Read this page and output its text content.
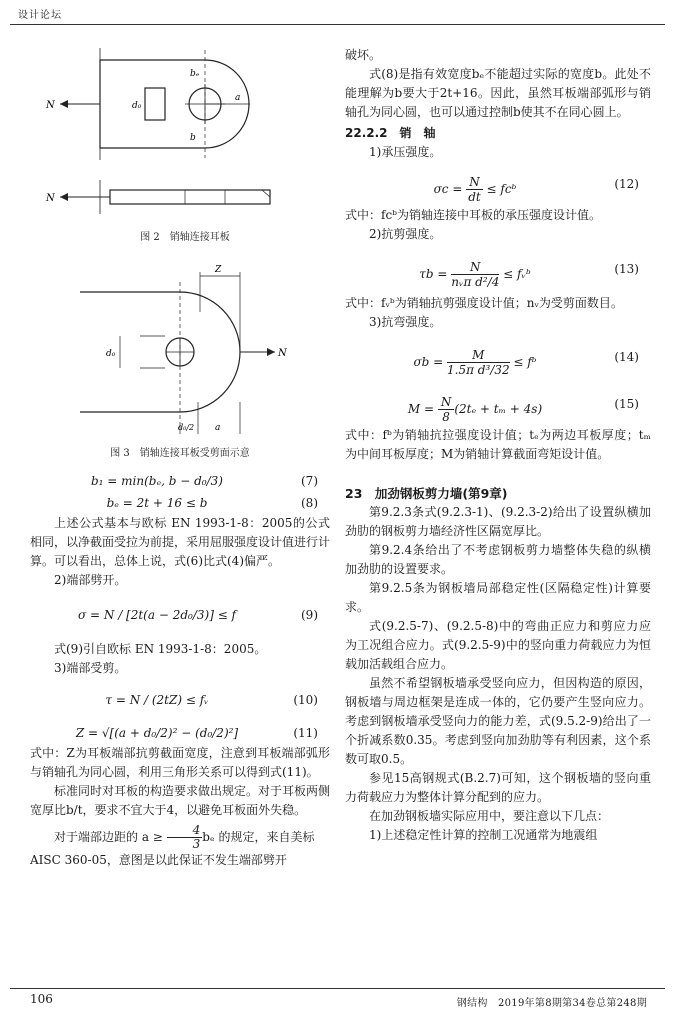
设计论坛
106	钢结构　2019年第8期第34卷总第248期
N
N
d₀
bₑ
b
a
图 2　销轴连接耳板
N
d₀
Z
d₀/2 a
图 3　销轴连接耳板受剪面示意
b₁ = min(bₑ, b − d₀/3)	(7)
bₑ = 2t + 16 ≤ b	(8)

上述公式基本与欧标 EN 1993-1-8：2005的公式相同，以净截面受拉为前提，采用屈服强度设计值进行计算。可以看出，总体上说，式(6)比式(4)偏严。

2)端部劈开。

σ = N / [2t(a − 2d₀/3)] ≤ f	(9)

式(9)引自欧标 EN 1993-1-8：2005。

3)端部受剪。

τ = N / (2tZ) ≤ fᵥ	(10)
Z = √[(a + d₀/2)² − (d₀/2)²]	(11)

式中：Z为耳板端部抗剪截面宽度，注意到耳板端部弧形与销轴孔为同心圆，利用三角形关系可以得到式(11)。

标准同时对耳板的构造要求做出规定。对于耳板两侧宽厚比b/t，要求不宜大于4，以避免耳板面外失稳。

对于端部边距的 $a \ge \frac{4}{3}$ bₑ 的规定，来自美标

AISC 360-05，意图是以此保证不发生端部劈开

破坏。

式(8)是指有效宽度bₑ不能超过实际的宽度b。此处不能理解为b要大于2t+16。因此，虽然耳板端部弧形与销轴孔为同心圆，也可以通过控制b使其不在同心圆上。

22.2.2　销　轴

1)承压强度。

$\sigma c = \frac{N}{dt}$ ≤ fcᵇ	(12)

式中：fcᵇ为销轴连接中耳板的承压强度设计值。

2)抗剪强度。

τb =	N
nᵥπ d²/4
≤ fᵥᵇ	(13)

式中：fᵥᵇ为销轴抗剪强度设计值；nᵥ为受剪面数目。

3)抗弯强度。

$\sigma b = \frac{M}{\text{1.5π d³/32}}$ ≤ fᵇ	(14)
$M = \frac{N}{8} (2t_e + t_m + 4s)$	(15)

式中：fᵇ为销轴抗拉强度设计值；tₑ为两边耳板厚度；tₘ为中间耳板厚度；M为销轴计算截面弯矩设计值。

23　加劲钢板剪力墙(第9章)

第9.2.3条式(9.2.3-1)、(9.2.3-2)给出了设置纵横加劲肋的钢板剪力墙经济性区隔宽厚比。

第9.2.4条给出了不考虑钢板剪力墙整体失稳的纵横加劲肋的设置要求。

第9.2.5条为钢板墙局部稳定性(区隔稳定性)计算要求。

式(9.2.5-7)、(9.2.5-8)中的弯曲正应力和剪应力应为工况组合应力。式(9.2.5-9)中的竖向重力荷载应力为恒载加活载组合应力。

虽然不希望钢板墙承受竖向应力，但因构造的原因，钢板墙与周边框架是连成一体的，它仍要产生竖向应力。考虑到钢板墙承受竖向力的能力差，式(9.5.2-9)给出了一个折减系数0.35。考虑到竖向加劲肋等有利因素，这个系数可取0.5。

参见15高钢规式(B.2.7)可知，这个钢板墙的竖向重力荷载应力为整体计算分配到的应力。

在加劲钢板墙实际应用中，要注意以下几点：

1)上述稳定性计算的控制工况通常为地震组
